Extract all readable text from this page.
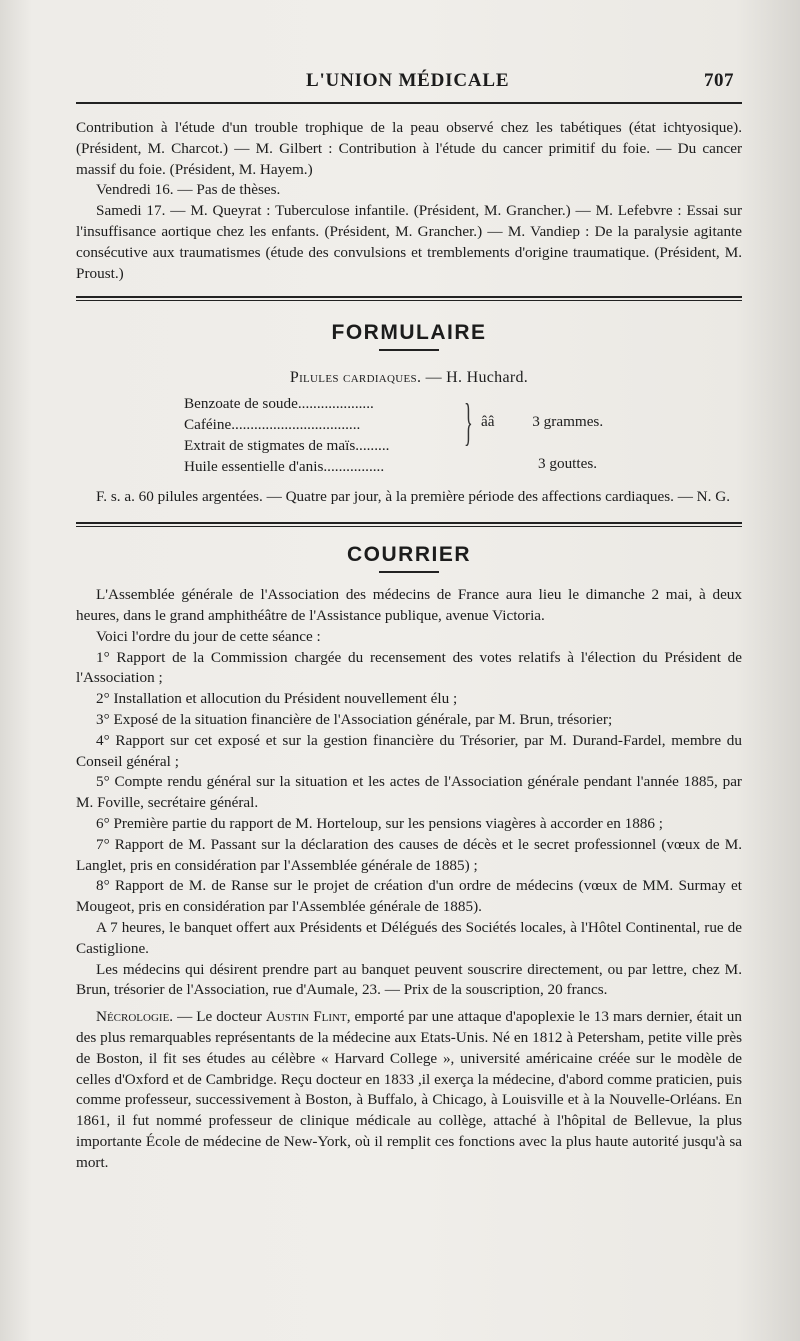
L'UNION MÉDICALE	707

Contribution à l'étude d'un trouble trophique de la peau observé chez les tabétiques (état ichtyosique). (Président, M. Charcot.) — M. Gilbert : Contribution à l'étude du cancer primitif du foie. — Du cancer massif du foie. (Président, M. Hayem.)

Vendredi 16. — Pas de thèses.

Samedi 17. — M. Queyrat : Tuberculose infantile. (Président, M. Grancher.) — M. Lefebvre : Essai sur l'insuffisance aortique chez les enfants. (Président, M. Grancher.) — M. Vandiep : De la paralysie agitante consécutive aux traumatismes (étude des convulsions et tremblements d'origine traumatique. (Président, M. Proust.)

FORMULAIRE
Pilules cardiaques. — H. Huchard.
Benzoate de soude....................
Caféine..................................
Extrait de stigmates de maïs.........
Huile essentielle d'anis................
} ââ 3 grammes.
3 gouttes.

F. s. a. 60 pilules argentées. — Quatre par jour, à la première période des affections cardiaques. — N. G.

COURRIER

L'Assemblée générale de l'Association des médecins de France aura lieu le dimanche 2 mai, à deux heures, dans le grand amphithéâtre de l'Assistance publique, avenue Victoria.

Voici l'ordre du jour de cette séance :

1° Rapport de la Commission chargée du recensement des votes relatifs à l'élection du Président de l'Association ;

2° Installation et allocution du Président nouvellement élu ;

3° Exposé de la situation financière de l'Association générale, par M. Brun, trésorier;

4° Rapport sur cet exposé et sur la gestion financière du Trésorier, par M. Durand-Fardel, membre du Conseil général ;

5° Compte rendu général sur la situation et les actes de l'Association générale pendant l'année 1885, par M. Foville, secrétaire général.

6° Première partie du rapport de M. Horteloup, sur les pensions viagères à accorder en 1886 ;

7° Rapport de M. Passant sur la déclaration des causes de décès et le secret professionnel (vœux de M. Langlet, pris en considération par l'Assemblée générale de 1885) ;

8° Rapport de M. de Ranse sur le projet de création d'un ordre de médecins (vœux de MM. Surmay et Mougeot, pris en considération par l'Assemblée générale de 1885).

A 7 heures, le banquet offert aux Présidents et Délégués des Sociétés locales, à l'Hôtel Continental, rue de Castiglione.

Les médecins qui désirent prendre part au banquet peuvent souscrire directement, ou par lettre, chez M. Brun, trésorier de l'Association, rue d'Aumale, 23. — Prix de la souscription, 20 francs.

Nécrologie. — Le docteur Austin Flint, emporté par une attaque d'apoplexie le 13 mars dernier, était un des plus remarquables représentants de la médecine aux Etats-Unis. Né en 1812 à Petersham, petite ville près de Boston, il fit ses études au célèbre « Harvard College », université américaine créée sur le modèle de celles d'Oxford et de Cambridge. Reçu docteur en 1833 ,il exerça la médecine, d'abord comme praticien, puis comme professeur, successivement à Boston, à Buffalo, à Chicago, à Louisville et à la Nouvelle-Orléans. En 1861, il fut nommé professeur de clinique médicale au collège, attaché à l'hôpital de Bellevue, la plus importante École de médecine de New-York, où il remplit ces fonctions avec la plus haute autorité jusqu'à sa mort.
